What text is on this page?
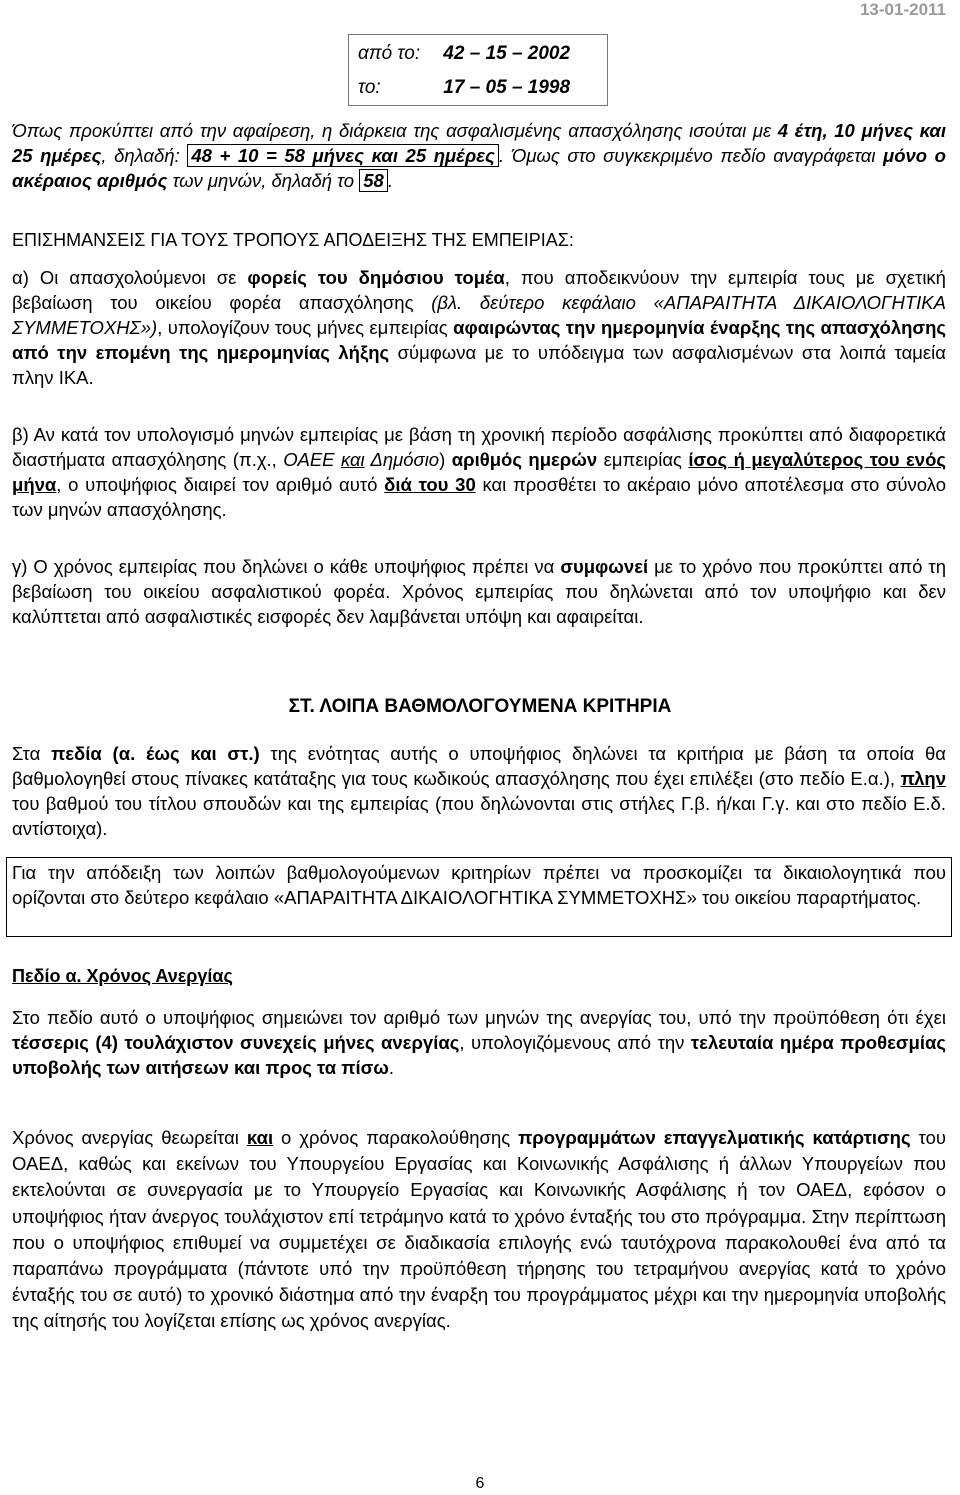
13-01-2011
από το: 42 – 15 – 2002
το:	17 – 05 – 1998
Όπως προκύπτει από την αφαίρεση, η διάρκεια της ασφαλισμένης απασχόλησης ισούται με 4 έτη, 10 μήνες και 25 ημέρες, δηλαδή: 48 + 10 = 58 μήνες και 25 ημέρες . Όμως στο συγκεκριμένο πεδίο αναγράφεται μόνο ο ακέραιος αριθμός των μηνών, δηλαδή το 58 .
ΕΠΙΣΗΜΑΝΣΕΙΣ ΓΙΑ ΤΟΥΣ ΤΡΟΠΟΥΣ ΑΠΟΔΕΙΞΗΣ ΤΗΣ ΕΜΠΕΙΡΙΑΣ:
α) Οι απασχολούμενοι σε φορείς του δημόσιου τομέα, που αποδεικνύουν την εμπειρία τους με σχετική βεβαίωση του οικείου φορέα απασχόλησης (βλ. δεύτερο κεφάλαιο «ΑΠΑΡΑΙΤΗΤΑ ΔΙΚΑΙΟΛΟΓΗΤΙΚΑ ΣΥΜΜΕΤΟΧΗΣ»), υπολογίζουν τους μήνες εμπειρίας αφαιρώντας την ημερομηνία έναρξης της απασχόλησης από την επομένη της ημερομηνίας λήξης σύμφωνα με το υπόδειγμα των ασφαλισμένων στα λοιπά ταμεία πλην ΙΚΑ.
β) Αν κατά τον υπολογισμό μηνών εμπειρίας με βάση τη χρονική περίοδο ασφάλισης προκύπτει από διαφορετικά διαστήματα απασχόλησης (π.χ., ΟΑΕΕ και Δημόσιο) αριθμός ημερών εμπειρίας ίσος ή μεγαλύτερος του ενός μήνα, ο υποψήφιος διαιρεί τον αριθμό αυτό διά του 30 και προσθέτει το ακέραιο μόνο αποτέλεσμα στο σύνολο των μηνών απασχόλησης.
γ) Ο χρόνος εμπειρίας που δηλώνει ο κάθε υποψήφιος πρέπει να συμφωνεί με το χρόνο που προκύπτει από τη βεβαίωση του οικείου ασφαλιστικού φορέα. Χρόνος εμπειρίας που δηλώνεται από τον υποψήφιο και δεν καλύπτεται από ασφαλιστικές εισφορές δεν λαμβάνεται υπόψη και αφαιρείται.
ΣΤ. ΛΟΙΠΑ ΒΑΘΜΟΛΟΓΟΥΜΕΝΑ ΚΡΙΤΗΡΙΑ
Στα πεδία (α. έως και στ.) της ενότητας αυτής ο υποψήφιος δηλώνει τα κριτήρια με βάση τα οποία θα βαθμολογηθεί στους πίνακες κατάταξης για τους κωδικούς απασχόλησης που έχει επιλέξει (στο πεδίο Ε.α.), πλην του βαθμού του τίτλου σπουδών και της εμπειρίας (που δηλώνονται στις στήλες Γ.β. ή/και Γ.γ. και στο πεδίο Ε.δ. αντίστοιχα).
Για την απόδειξη των λοιπών βαθμολογούμενων κριτηρίων πρέπει να προσκομίζει τα δικαιολογητικά που ορίζονται στο δεύτερο κεφάλαιο «ΑΠΑΡΑΙΤΗΤΑ ΔΙΚΑΙΟΛΟΓΗΤΙΚΑ ΣΥΜΜΕΤΟΧΗΣ» του οικείου παραρτήματος.
Πεδίο α. Χρόνος Ανεργίας
Στο πεδίο αυτό ο υποψήφιος σημειώνει τον αριθμό των μηνών της ανεργίας του, υπό την προϋπόθεση ότι έχει τέσσερις (4) τουλάχιστον συνεχείς μήνες ανεργίας, υπολογιζόμενους από την τελευταία ημέρα προθεσμίας υποβολής των αιτήσεων και προς τα πίσω.
Χρόνος ανεργίας θεωρείται και ο χρόνος παρακολούθησης προγραμμάτων επαγγελματικής κατάρτισης του ΟΑΕΔ, καθώς και εκείνων του Υπουργείου Εργασίας και Κοινωνικής Ασφάλισης ή άλλων Υπουργείων που εκτελούνται σε συνεργασία με το Υπουργείο Εργασίας και Κοινωνικής Ασφάλισης ή τον ΟΑΕΔ, εφόσον ο υποψήφιος ήταν άνεργος τουλάχιστον επί τετράμηνο κατά το χρόνο ένταξής του στο πρόγραμμα. Στην περίπτωση που ο υποψήφιος επιθυμεί να συμμετέχει σε διαδικασία επιλογής ενώ ταυτόχρονα παρακολουθεί ένα από τα παραπάνω προγράμματα (πάντοτε υπό την προϋπόθεση τήρησης του τετραμήνου ανεργίας κατά το χρόνο ένταξής του σε αυτό) το χρονικό διάστημα από την έναρξη του προγράμματος μέχρι και την ημερομηνία υποβολής της αίτησής του λογίζεται επίσης ως χρόνος ανεργίας.
6
